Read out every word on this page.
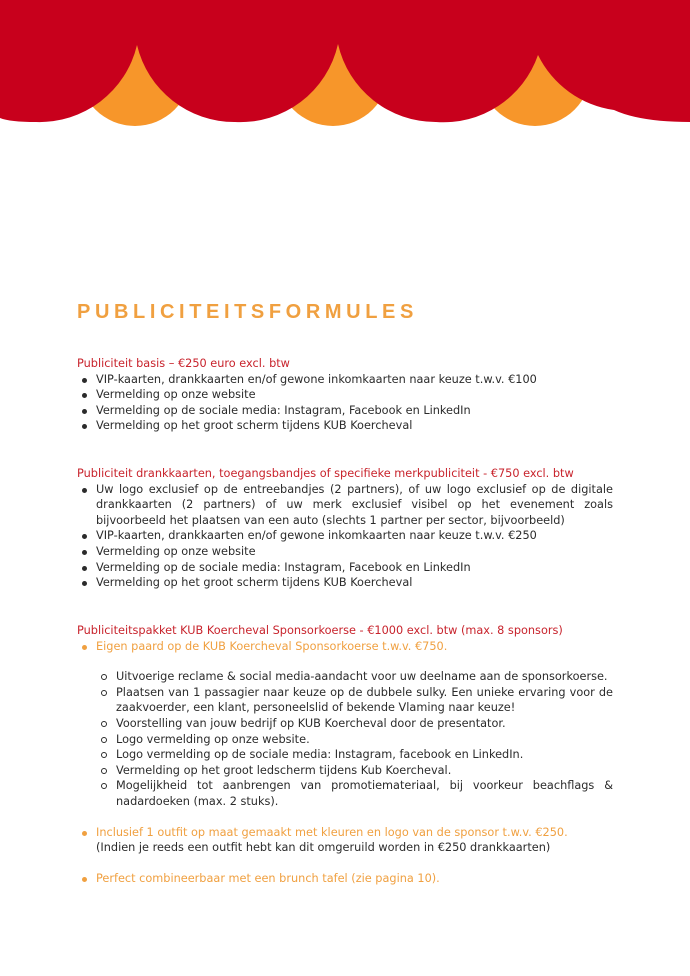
PUBLICITEITSFORMULES

Publiciteit basis – €250 euro excl. btw

VIP-kaarten, drankkaarten en/of gewone inkomkaarten naar keuze t.w.v. €100
Vermelding op onze website
Vermelding op de sociale media: Instagram, Facebook en LinkedIn
Vermelding op het groot scherm tijdens KUB Koercheval

Publiciteit drankkaarten, toegangsbandjes of specifieke merkpubliciteit - €750 excl. btw

Uw logo exclusief op de entreebandjes (2 partners), of uw logo exclusief op de digitale drankkaarten (2 partners) of uw merk exclusief visibel op het evenement zoals bijvoorbeeld het plaatsen van een auto (slechts 1 partner per sector, bijvoorbeeld)
VIP-kaarten, drankkaarten en/of gewone inkomkaarten naar keuze t.w.v. €250
Vermelding op onze website
Vermelding op de sociale media: Instagram, Facebook en LinkedIn
Vermelding op het groot scherm tijdens KUB Koercheval

Publiciteitspakket KUB Koercheval Sponsorkoerse - €1000 excl. btw (max. 8 sponsors)

Eigen paard op de KUB Koercheval Sponsorkoerse t.w.v. €750.
Uitvoerige reclame & social media-aandacht voor uw deelname aan de sponsorkoerse.
Plaatsen van 1 passagier naar keuze op de dubbele sulky. Een unieke ervaring voor de zaakvoerder, een klant, personeelslid of bekende Vlaming naar keuze!
Voorstelling van jouw bedrijf op KUB Koercheval door de presentator.
Logo vermelding op onze website.
Logo vermelding op de sociale media: Instagram, facebook en LinkedIn.
Vermelding op het groot ledscherm tijdens Kub Koercheval.
Mogelijkheid tot aanbrengen van promotiemateriaal, bij voorkeur beachflags & nadardoeken (max. 2 stuks).
Inclusief 1 outfit op maat gemaakt met kleuren en logo van de sponsor t.w.v. €250.
(Indien je reeds een outfit hebt kan dit omgeruild worden in €250 drankkaarten)
Perfect combineerbaar met een brunch tafel (zie pagina 10).
